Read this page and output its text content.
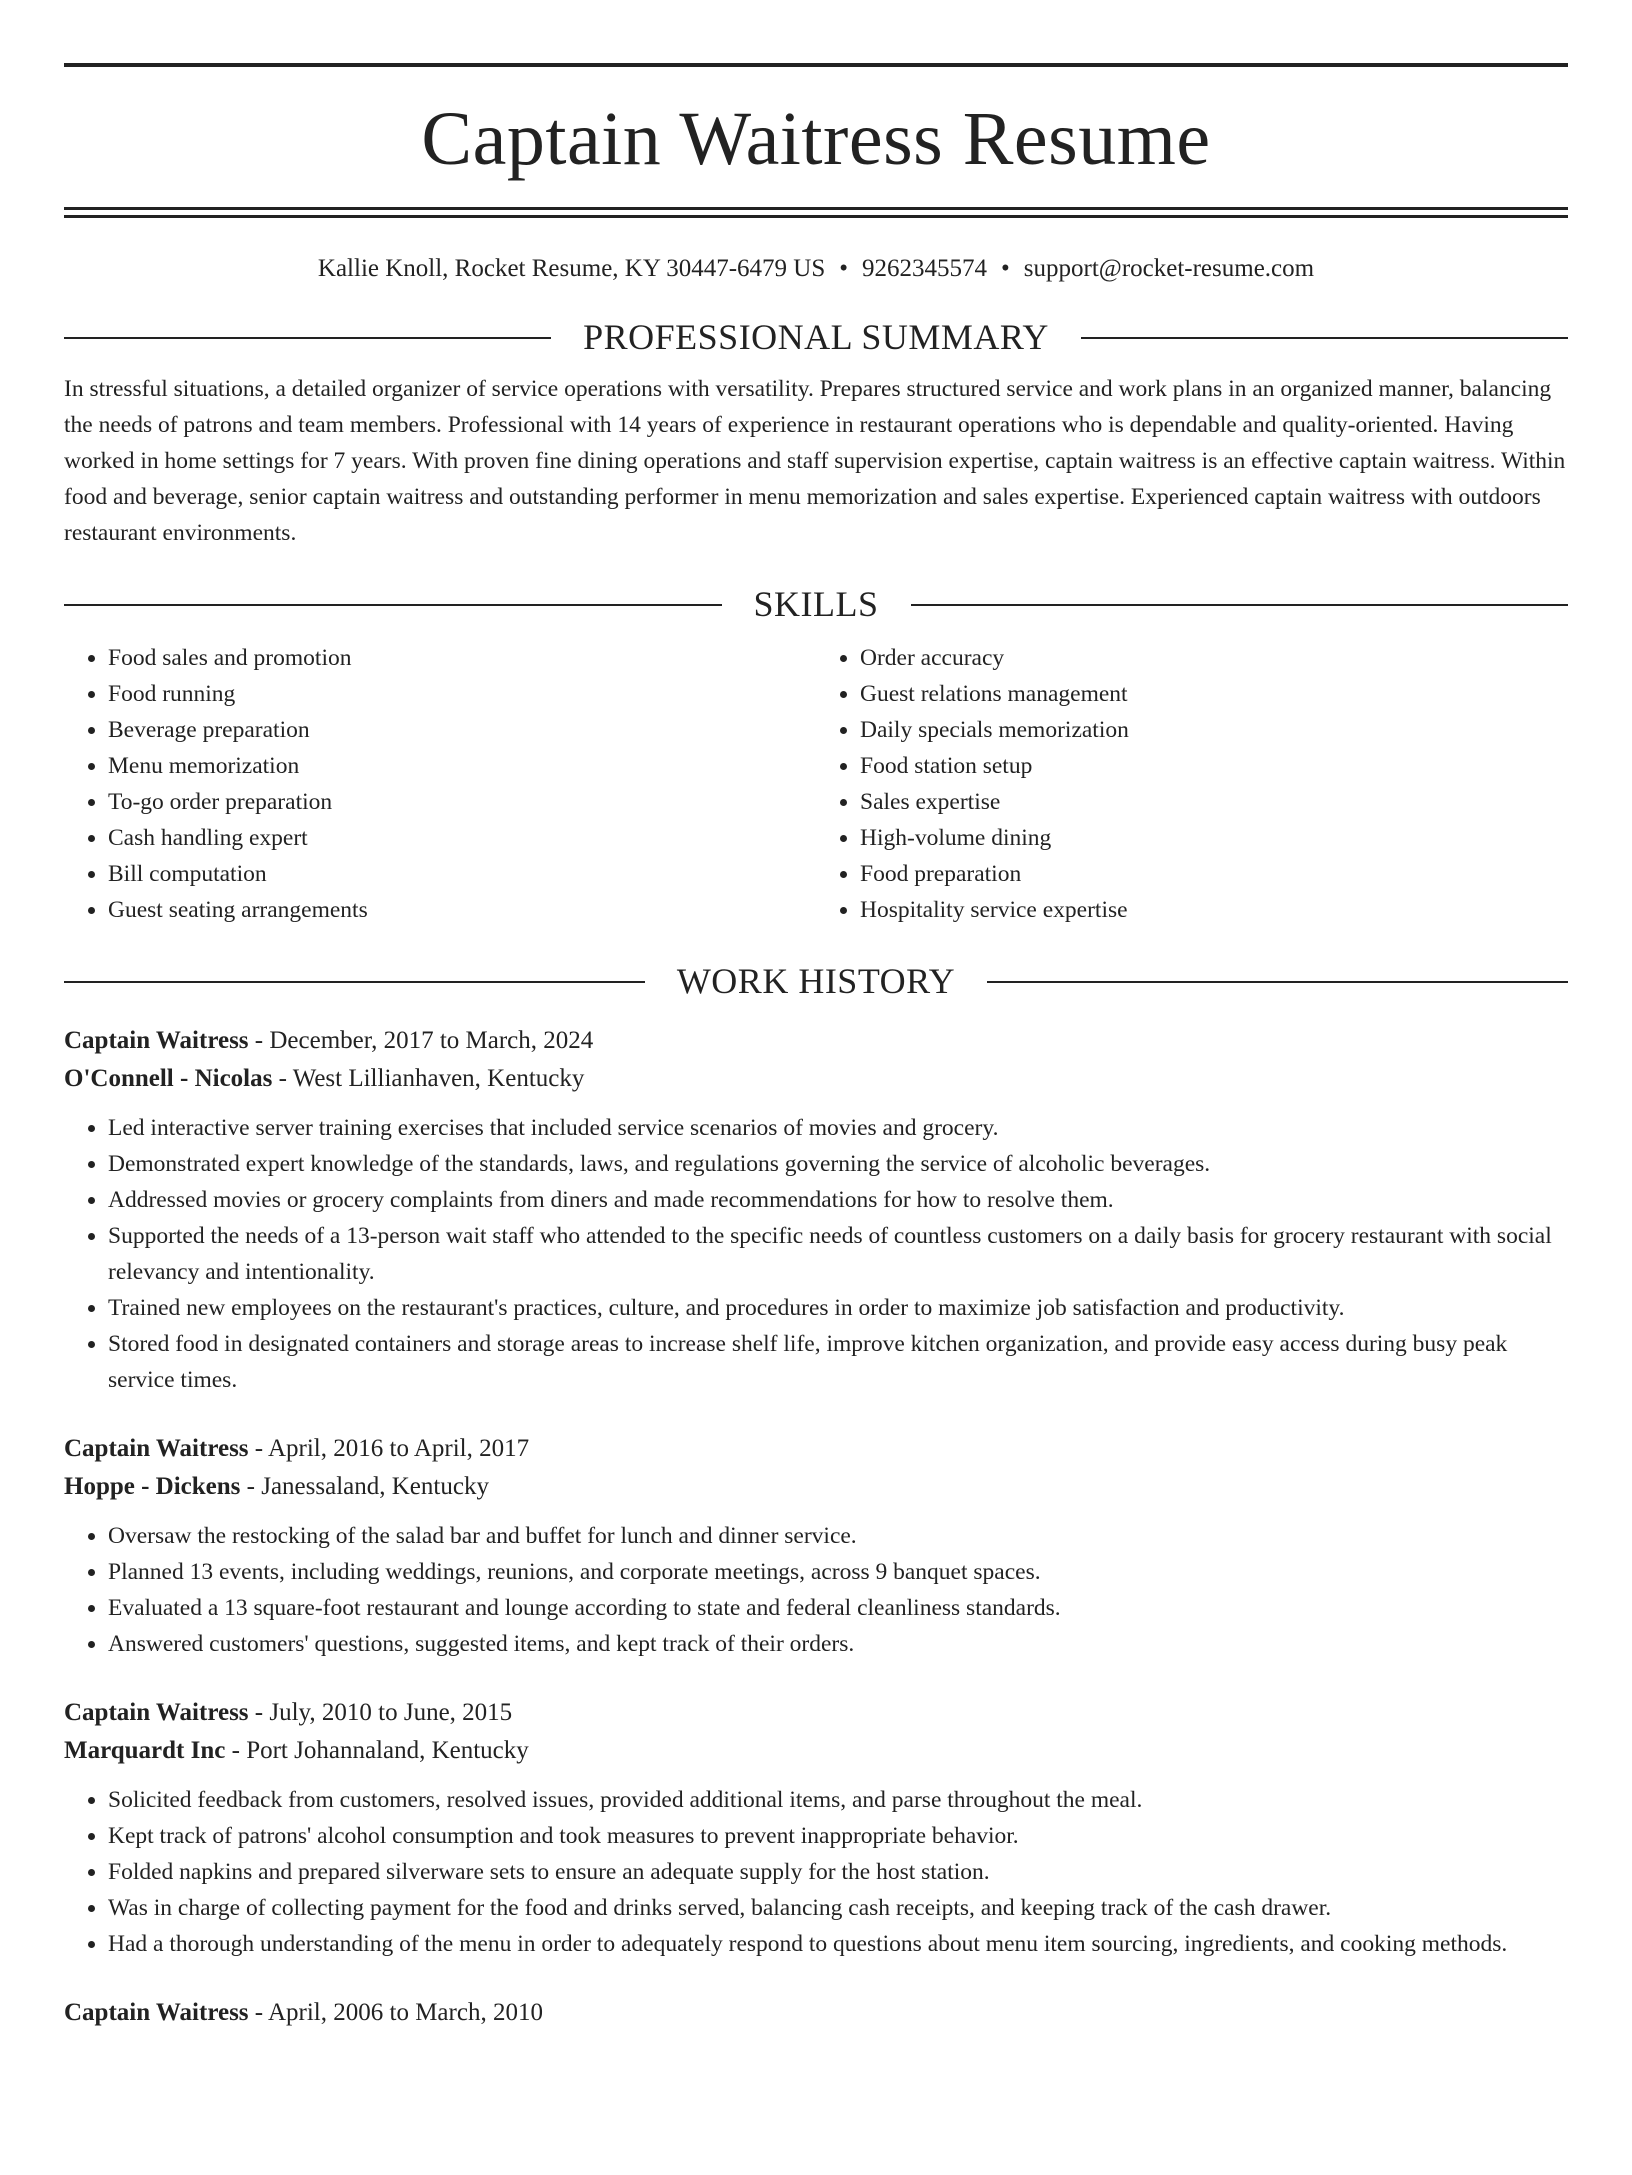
Captain Waitress Resume
Kallie Knoll, Rocket Resume, KY 30447-6479 US • 9262345574 • support@rocket-resume.com
PROFESSIONAL SUMMARY

In stressful situations, a detailed organizer of service operations with versatility. Prepares structured service and work plans in an organized manner, balancing the needs of patrons and team members. Professional with 14 years of experience in restaurant operations who is dependable and quality-oriented. Having worked in home settings for 7 years. With proven fine dining operations and staff supervision expertise, captain waitress is an effective captain waitress. Within food and beverage, senior captain waitress and outstanding performer in menu memorization and sales expertise. Experienced captain waitress with outdoors restaurant environments.

SKILLS
• Food sales and promotion
• Food running
• Beverage preparation
• Menu memorization
• To-go order preparation
• Cash handling expert
• Bill computation
• Guest seating arrangements
• Order accuracy
• Guest relations management
• Daily specials memorization
• Food station setup
• Sales expertise
• High-volume dining
• Food preparation
• Hospitality service expertise
WORK HISTORY
Captain Waitress - December, 2017 to March, 2024
O'Connell - Nicolas - West Lillianhaven, Kentucky
• Led interactive server training exercises that included service scenarios of movies and grocery.
• Demonstrated expert knowledge of the standards, laws, and regulations governing the service of alcoholic beverages.
• Addressed movies or grocery complaints from diners and made recommendations for how to resolve them.
• Supported the needs of a 13-person wait staff who attended to the specific needs of countless customers on a daily basis for grocery restaurant with social relevancy and intentionality.
• Trained new employees on the restaurant's practices, culture, and procedures in order to maximize job satisfaction and productivity.
• Stored food in designated containers and storage areas to increase shelf life, improve kitchen organization, and provide easy access during busy peak service times.
Captain Waitress - April, 2016 to April, 2017
Hoppe - Dickens - Janessaland, Kentucky
• Oversaw the restocking of the salad bar and buffet for lunch and dinner service.
• Planned 13 events, including weddings, reunions, and corporate meetings, across 9 banquet spaces.
• Evaluated a 13 square-foot restaurant and lounge according to state and federal cleanliness standards.
• Answered customers' questions, suggested items, and kept track of their orders.
Captain Waitress - July, 2010 to June, 2015
Marquardt Inc - Port Johannaland, Kentucky
• Solicited feedback from customers, resolved issues, provided additional items, and parse throughout the meal.
• Kept track of patrons' alcohol consumption and took measures to prevent inappropriate behavior.
• Folded napkins and prepared silverware sets to ensure an adequate supply for the host station.
• Was in charge of collecting payment for the food and drinks served, balancing cash receipts, and keeping track of the cash drawer.
• Had a thorough understanding of the menu in order to adequately respond to questions about menu item sourcing, ingredients, and cooking methods.
Captain Waitress - April, 2006 to March, 2010
